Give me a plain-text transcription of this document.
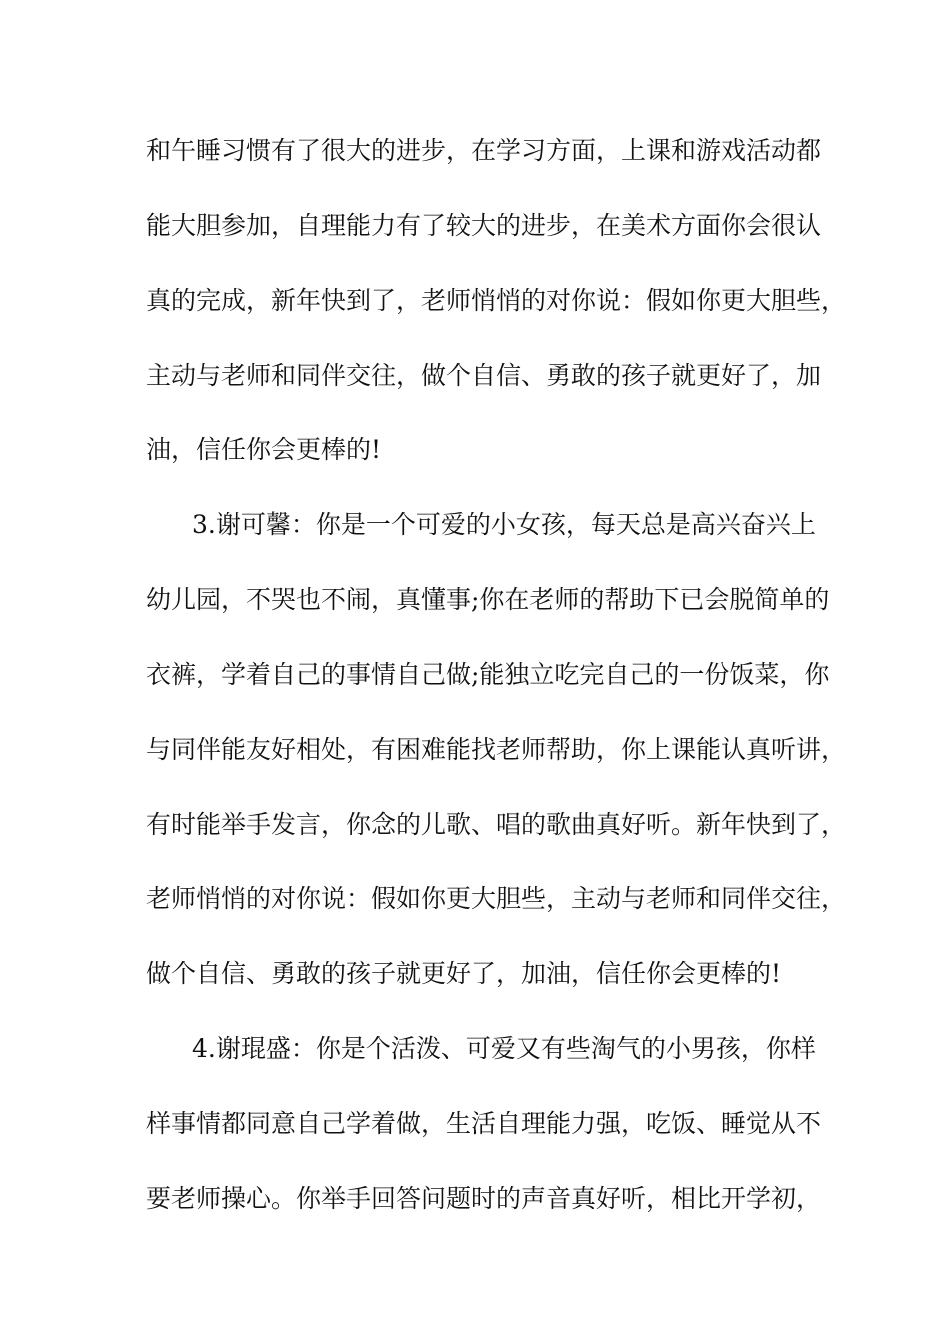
和午睡习惯有了很大的进步，在学习方面，上课和游戏活动都
能大胆参加，自理能力有了较大的进步，在美术方面你会很认
真的完成，新年快到了，老师悄悄的对你说：假如你更大胆些，
主动与老师和同伴交往，做个自信、勇敢的孩子就更好了，加
油，信任你会更棒的!
3.谢可馨：你是一个可爱的小女孩，每天总是高兴奋兴上
幼儿园，不哭也不闹，真懂事;你在老师的帮助下已会脱简单的
衣裤，学着自己的事情自己做;能独立吃完自己的一份饭菜，你
与同伴能友好相处，有困难能找老师帮助，你上课能认真听讲，
有时能举手发言，你念的儿歌、唱的歌曲真好听。新年快到了，
老师悄悄的对你说：假如你更大胆些，主动与老师和同伴交往，
做个自信、勇敢的孩子就更好了，加油，信任你会更棒的!
4.谢琨盛：你是个活泼、可爱又有些淘气的小男孩，你样
样事情都同意自己学着做，生活自理能力强，吃饭、睡觉从不
要老师操心。你举手回答问题时的声音真好听，相比开学初，
